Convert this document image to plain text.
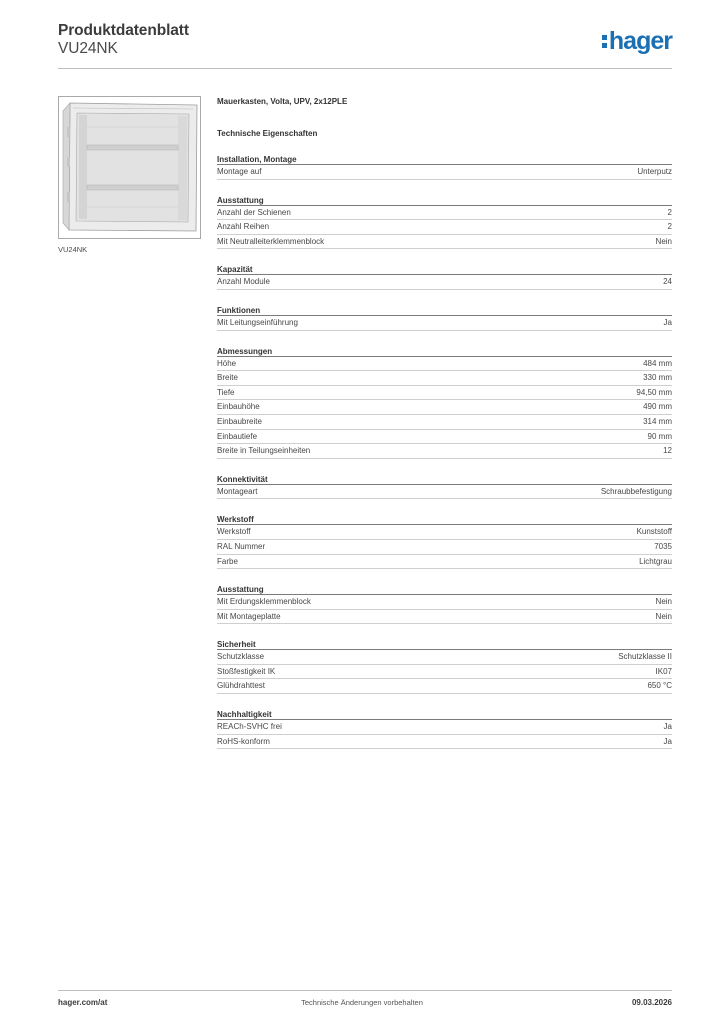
Produktdatenblatt
VU24NK	hager
VU24NK
Mauerkasten, Volta, UPV, 2x12PLE
Technische Eigenschaften
Installation, Montage
Montage auf	Unterputz
Ausstattung
Anzahl der Schienen	2
Anzahl Reihen	2
Mit Neutralleiterklemmenblock	Nein
Kapazität
Anzahl Module	24
Funktionen
Mit Leitungseinführung	Ja
Abmessungen
Höhe	484 mm
Breite	330 mm
Tiefe	94,50 mm
Einbauhöhe	490 mm
Einbaubreite	314 mm
Einbautiefe	90 mm
Breite in Teilungseinheiten	12
Konnektivität
Montageart	Schraubbefestigung
Werkstoff
Werkstoff	Kunststoff
RAL Nummer	7035
Farbe	Lichtgrau
Ausstattung
Mit Erdungsklemmenblock	Nein
Mit Montageplatte	Nein
Sicherheit
Schutzklasse	Schutzklasse II
Stoßfestigkeit IK	IK07
Glühdrahttest	650 °C
Nachhaltigkeit
REACh-SVHC frei	Ja
RoHS-konform	Ja
hager.com/at	Technische Änderungen vorbehalten	09.03.2026
